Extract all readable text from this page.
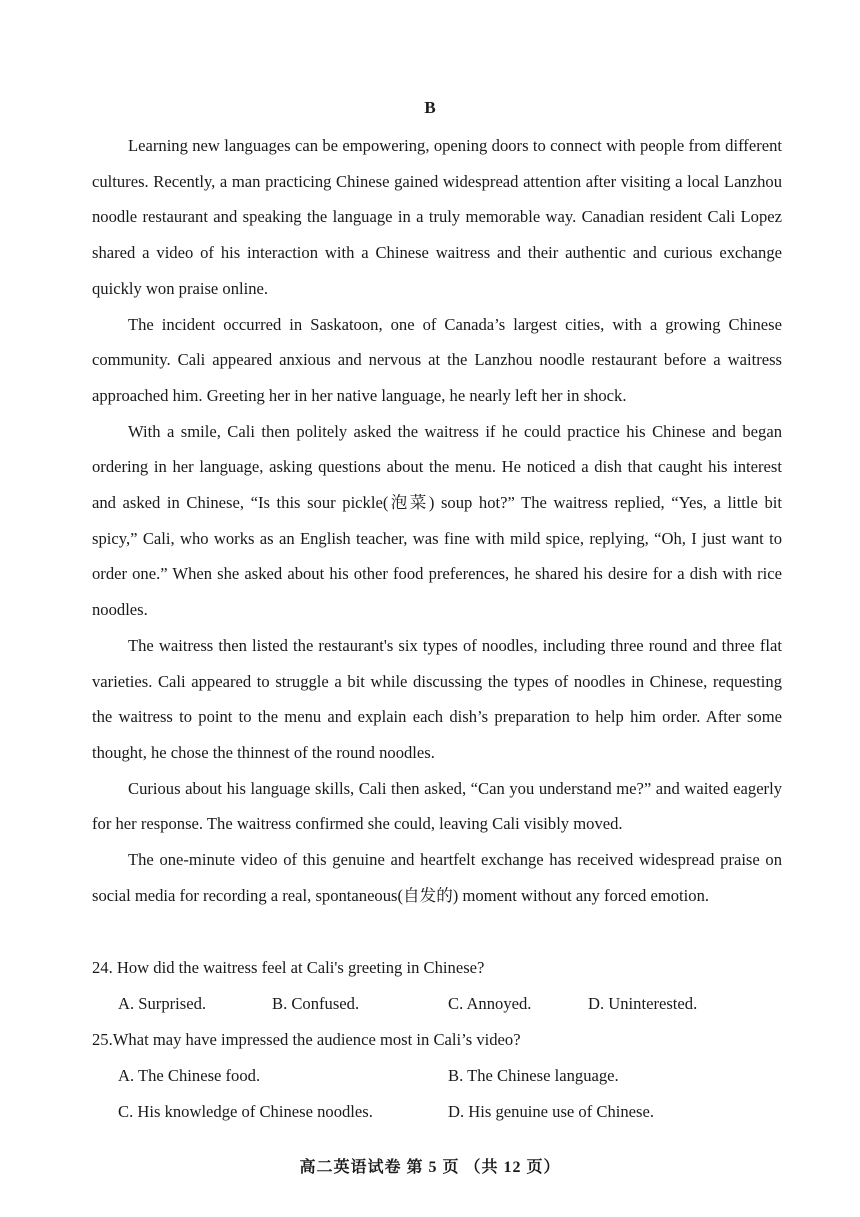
B

Learning new languages can be empowering, opening doors to connect with people from different cultures. Recently, a man practicing Chinese gained widespread attention after visiting a local Lanzhou noodle restaurant and speaking the language in a truly memorable way. Canadian resident Cali Lopez shared a video of his interaction with a Chinese waitress and their authentic and curious exchange quickly won praise online.

The incident occurred in Saskatoon, one of Canada’s largest cities, with a growing Chinese community. Cali appeared anxious and nervous at the Lanzhou noodle restaurant before a waitress approached him. Greeting her in her native language, he nearly left her in shock.

With a smile, Cali then politely asked the waitress if he could practice his Chinese and began ordering in her language, asking questions about the menu. He noticed a dish that caught his interest and asked in Chinese, “Is this sour pickle(泡菜) soup hot?” The waitress replied, “Yes, a little bit spicy,” Cali, who works as an English teacher, was fine with mild spice, replying, “Oh, I just want to order one.” When she asked about his other food preferences, he shared his desire for a dish with rice noodles.

The waitress then listed the restaurant's six types of noodles, including three round and three flat varieties. Cali appeared to struggle a bit while discussing the types of noodles in Chinese, requesting the waitress to point to the menu and explain each dish’s preparation to help him order. After some thought, he chose the thinnest of the round noodles.

Curious about his language skills, Cali then asked, “Can you understand me?” and waited eagerly for her response. The waitress confirmed she could, leaving Cali visibly moved.

The one-minute video of this genuine and heartfelt exchange has received widespread praise on social media for recording a real, spontaneous(自发的) moment without any forced emotion.

24. How did the waitress feel at Cali's greeting in Chinese?

A. Surprised.	B. Confused.	C. Annoyed.	D. Uninterested.

25.What may have impressed the audience most in Cali’s video?

A. The Chinese food.	B. The Chinese language.
C. His knowledge of Chinese noodles.	D. His genuine use of Chinese.
高二英语试卷 第 5 页 （共 12 页）
